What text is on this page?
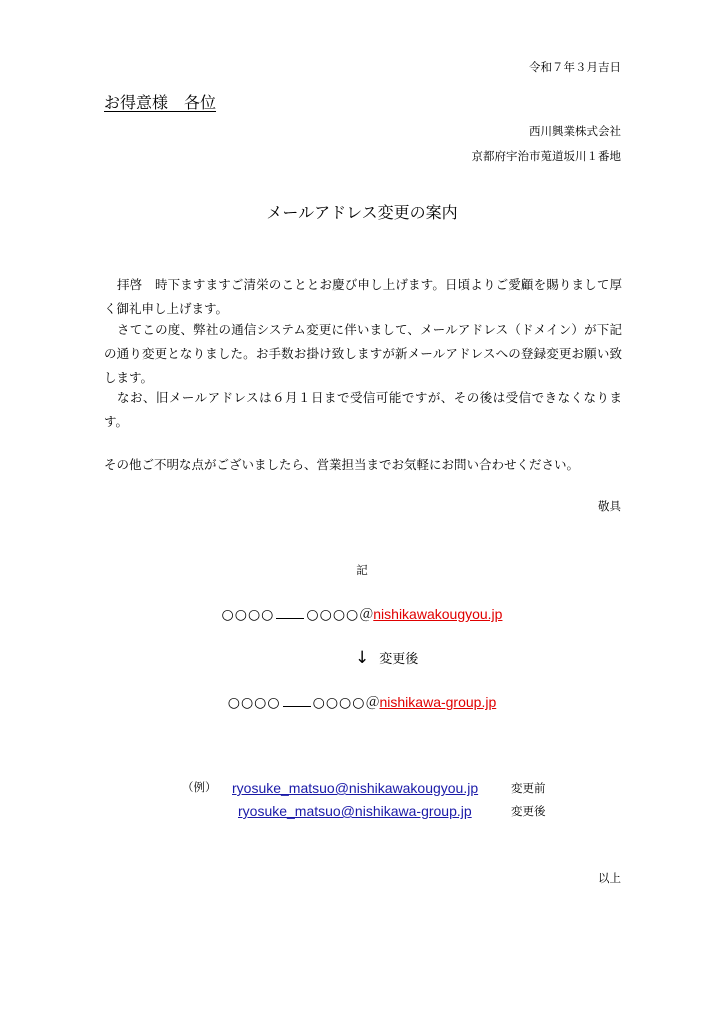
令和７年３月吉日
お得意様　各位
西川興業株式会社
京都府宇治市莵道坂川１番地
メールアドレス変更の案内
拝啓　時下ますますご清栄のこととお慶び申し上げます。日頃よりご愛顧を賜りまして厚く御礼申し上げます。
さてこの度、弊社の通信システム変更に伴いまして、メールアドレス（ドメイン）が下記の通り変更となりました。お手数お掛け致しますが新メールアドレスへの登録変更お願い致します。
なお、旧メールアドレスは６月１日まで受信可能ですが、その後は受信できなくなります。
その他ご不明な点がございましたら、営業担当までお気軽にお問い合わせください。
敬具
記
○○○○ ○○○○＠nishikawakougyou.jp
↓ 変更後
○○○○ ○○○○＠nishikawa-group.jp
（例） ryosuke_matsuo@nishikawakougyou.jp	変更前
ryosuke_matsuo@nishikawa-group.jp	変更後
以上
